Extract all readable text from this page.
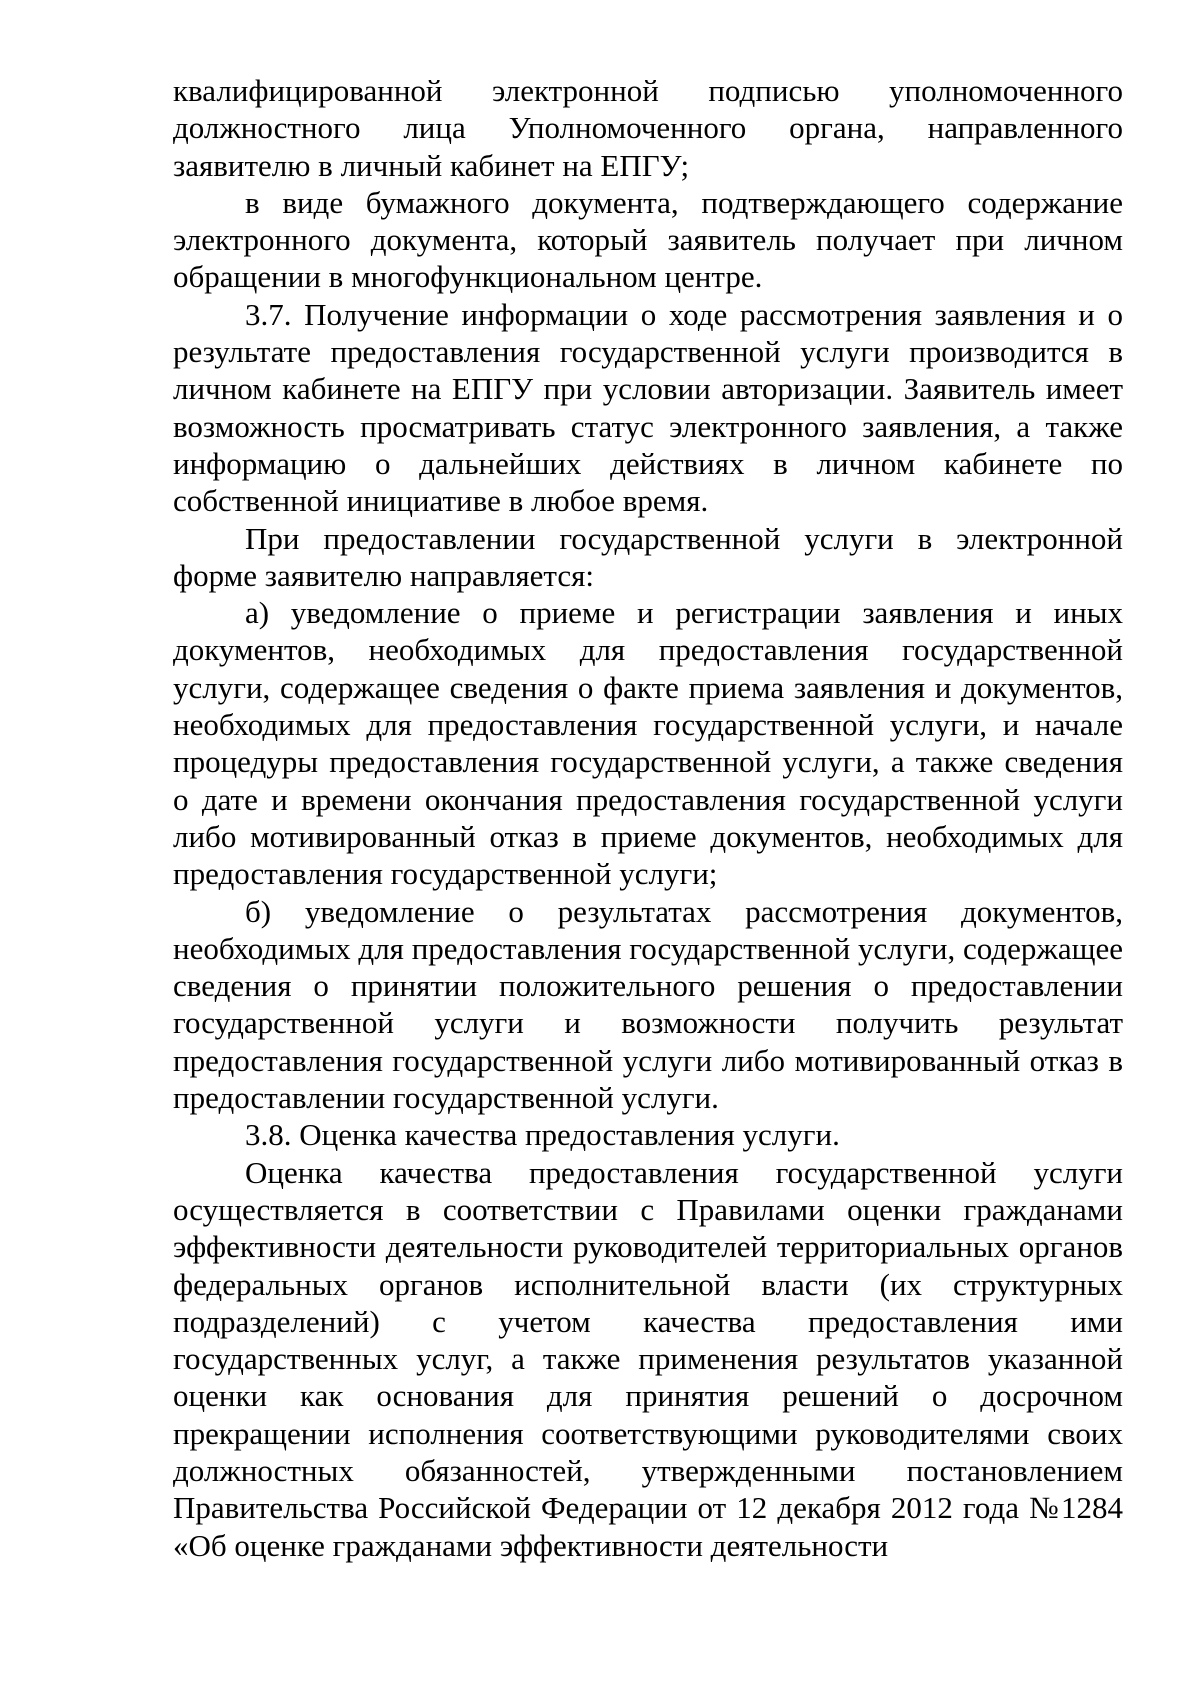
квалифицированной электронной подписью уполномоченного должностного лица Уполномоченного органа, направленного заявителю в личный кабинет на ЕПГУ;

в виде бумажного документа, подтверждающего содержание электронного документа, который заявитель получает при личном обращении в многофункциональном центре.

3.7. Получение информации о ходе рассмотрения заявления и о результате предоставления государственной услуги производится в личном кабинете на ЕПГУ при условии авторизации. Заявитель имеет возможность просматривать статус электронного заявления, а также информацию о дальнейших действиях в личном кабинете по собственной инициативе в любое время.

При предоставлении государственной услуги в электронной форме заявителю направляется:

а) уведомление о приеме и регистрации заявления и иных документов, необходимых для предоставления государственной услуги, содержащее сведения о факте приема заявления и документов, необходимых для предоставления государственной услуги, и начале процедуры предоставления государственной услуги, а также сведения о дате и времени окончания предоставления государственной услуги либо мотивированный отказ в приеме документов, необходимых для предоставления государственной услуги;

б) уведомление о результатах рассмотрения документов, необходимых для предоставления государственной услуги, содержащее сведения о принятии положительного решения о предоставлении государственной услуги и возможности получить результат предоставления государственной услуги либо мотивированный отказ в предоставлении государственной услуги.

3.8. Оценка качества предоставления услуги.

Оценка качества предоставления государственной услуги осуществляется в соответствии с Правилами оценки гражданами эффективности деятельности руководителей территориальных органов федеральных органов исполнительной власти (их структурных подразделений) с учетом качества предоставления ими государственных услуг, а также применения результатов указанной оценки как основания для принятия решений о досрочном прекращении исполнения соответствующими руководителями своих должностных обязанностей, утвержденными постановлением Правительства Российской Федерации от 12 декабря 2012 года №1284 «Об оценке гражданами эффективности деятельности
